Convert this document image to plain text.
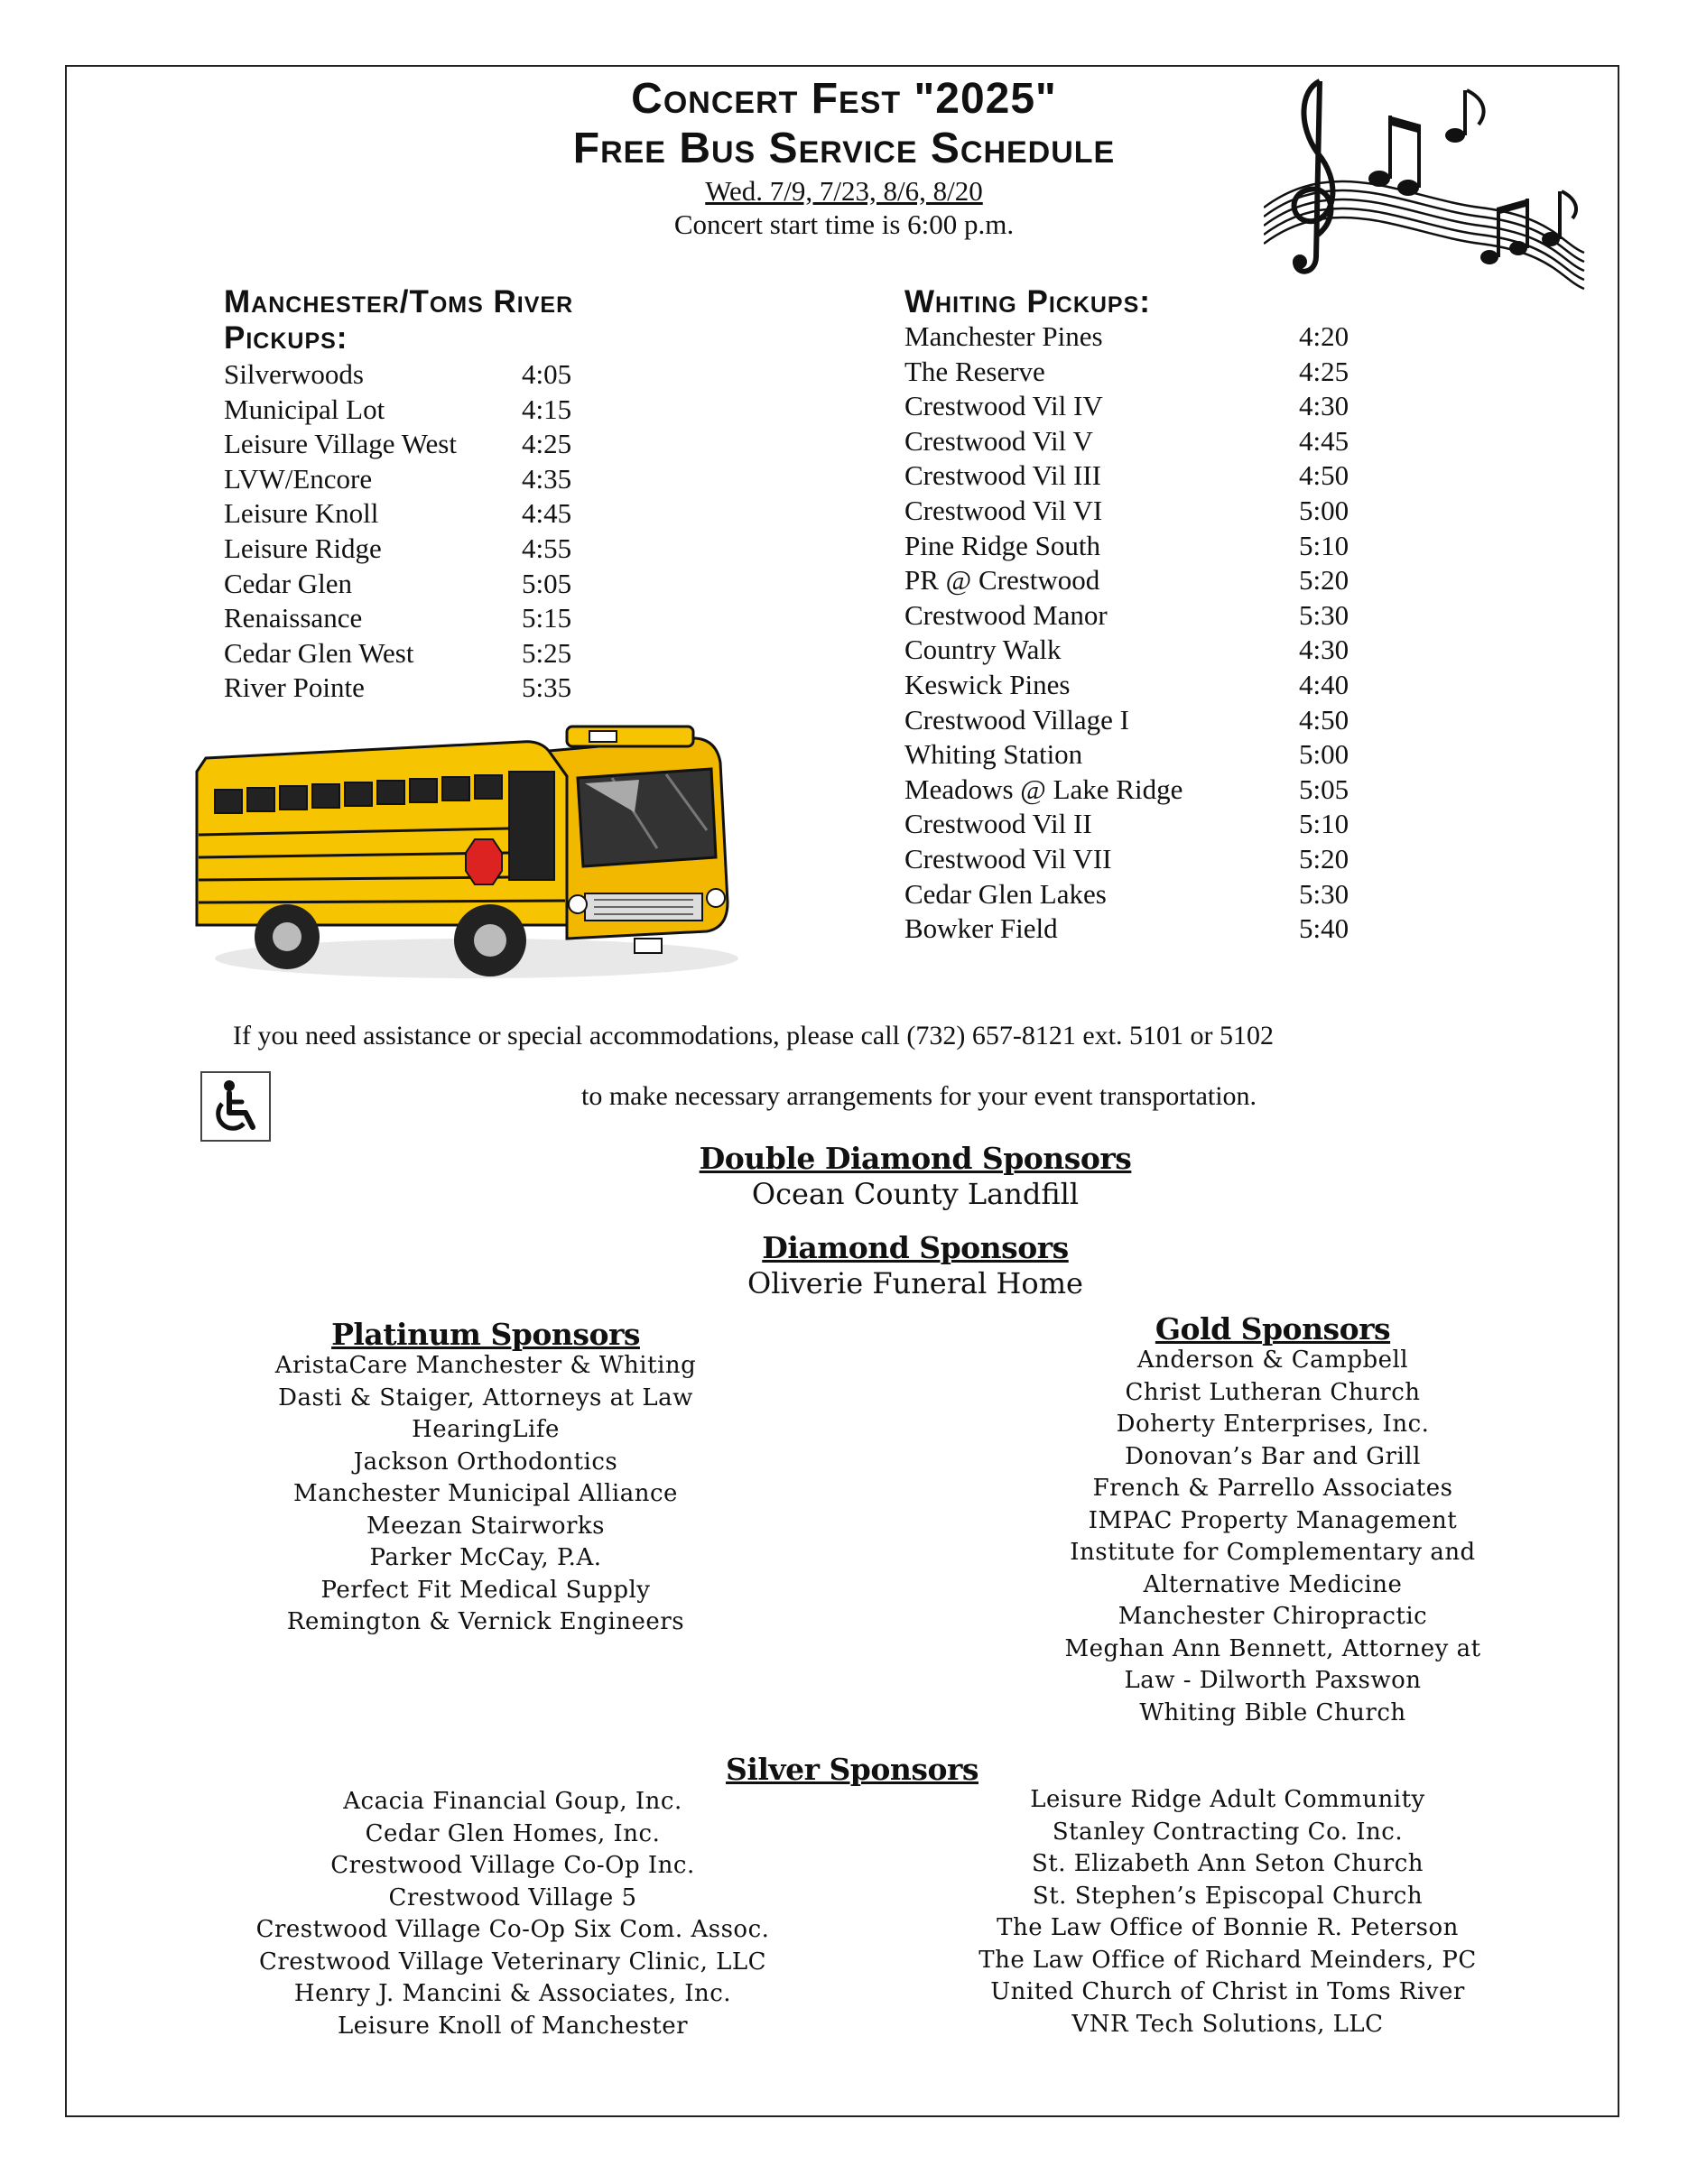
Concert Fest "2025"
Free Bus Service Schedule
Wed. 7/9, 7/23, 8/6, 8/20
Concert start time is 6:00 p.m.
Manchester/Toms River
Pickups:
Silverwoods	4:05
Municipal Lot	4:15
Leisure Village West 4:25
LVW/Encore	4:35
Leisure Knoll	4:45
Leisure Ridge	4:55
Cedar Glen	5:05
Renaissance	5:15
Cedar Glen West	5:25
River Pointe	5:35
Whiting Pickups:
Manchester Pines	4:20
The Reserve	4:25
Crestwood Vil IV	4:30
Crestwood Vil V	4:45
Crestwood Vil III	4:50
Crestwood Vil VI	5:00
Pine Ridge South	5:10
PR @ Crestwood	5:20
Crestwood Manor	5:30
Country Walk	4:30
Keswick Pines	4:40
Crestwood Village I	4:50
Whiting Station	5:00
Meadows @ Lake Ridge	5:05
Crestwood Vil II	5:10
Crestwood Vil VII	5:20
Cedar Glen Lakes	5:30
Bowker Field	5:40
If you need assistance or special accommodations, please call (732) 657-8121 ext. 5101 or 5102
to make necessary arrangements for your event transportation.
Double Diamond Sponsors
Ocean County Landfill
Diamond Sponsors
Oliverie Funeral Home
Platinum Sponsors
AristaCare Manchester & Whiting
Dasti & Staiger, Attorneys at Law
HearingLife
Jackson Orthodontics
Manchester Municipal Alliance
Meezan Stairworks
Parker McCay, P.A.
Perfect Fit Medical Supply
Remington & Vernick Engineers
Gold Sponsors
Anderson & Campbell
Christ Lutheran Church
Doherty Enterprises, Inc.
Donovan’s Bar and Grill
French & Parrello Associates
IMPAC Property Management
Institute for Complementary and
Alternative Medicine
Manchester Chiropractic
Meghan Ann Bennett, Attorney at
Law - Dilworth Paxswon
Whiting Bible Church
Silver Sponsors
Acacia Financial Goup, Inc.
Cedar Glen Homes, Inc.
Crestwood Village Co-Op Inc.
Crestwood Village 5
Crestwood Village Co-Op Six Com. Assoc.
Crestwood Village Veterinary Clinic, LLC
Henry J. Mancini & Associates, Inc.
Leisure Knoll of Manchester
Leisure Ridge Adult Community
Stanley Contracting Co. Inc.
St. Elizabeth Ann Seton Church
St. Stephen’s Episcopal Church
The Law Office of Bonnie R. Peterson
The Law Office of Richard Meinders, PC
United Church of Christ in Toms River
VNR Tech Solutions, LLC
